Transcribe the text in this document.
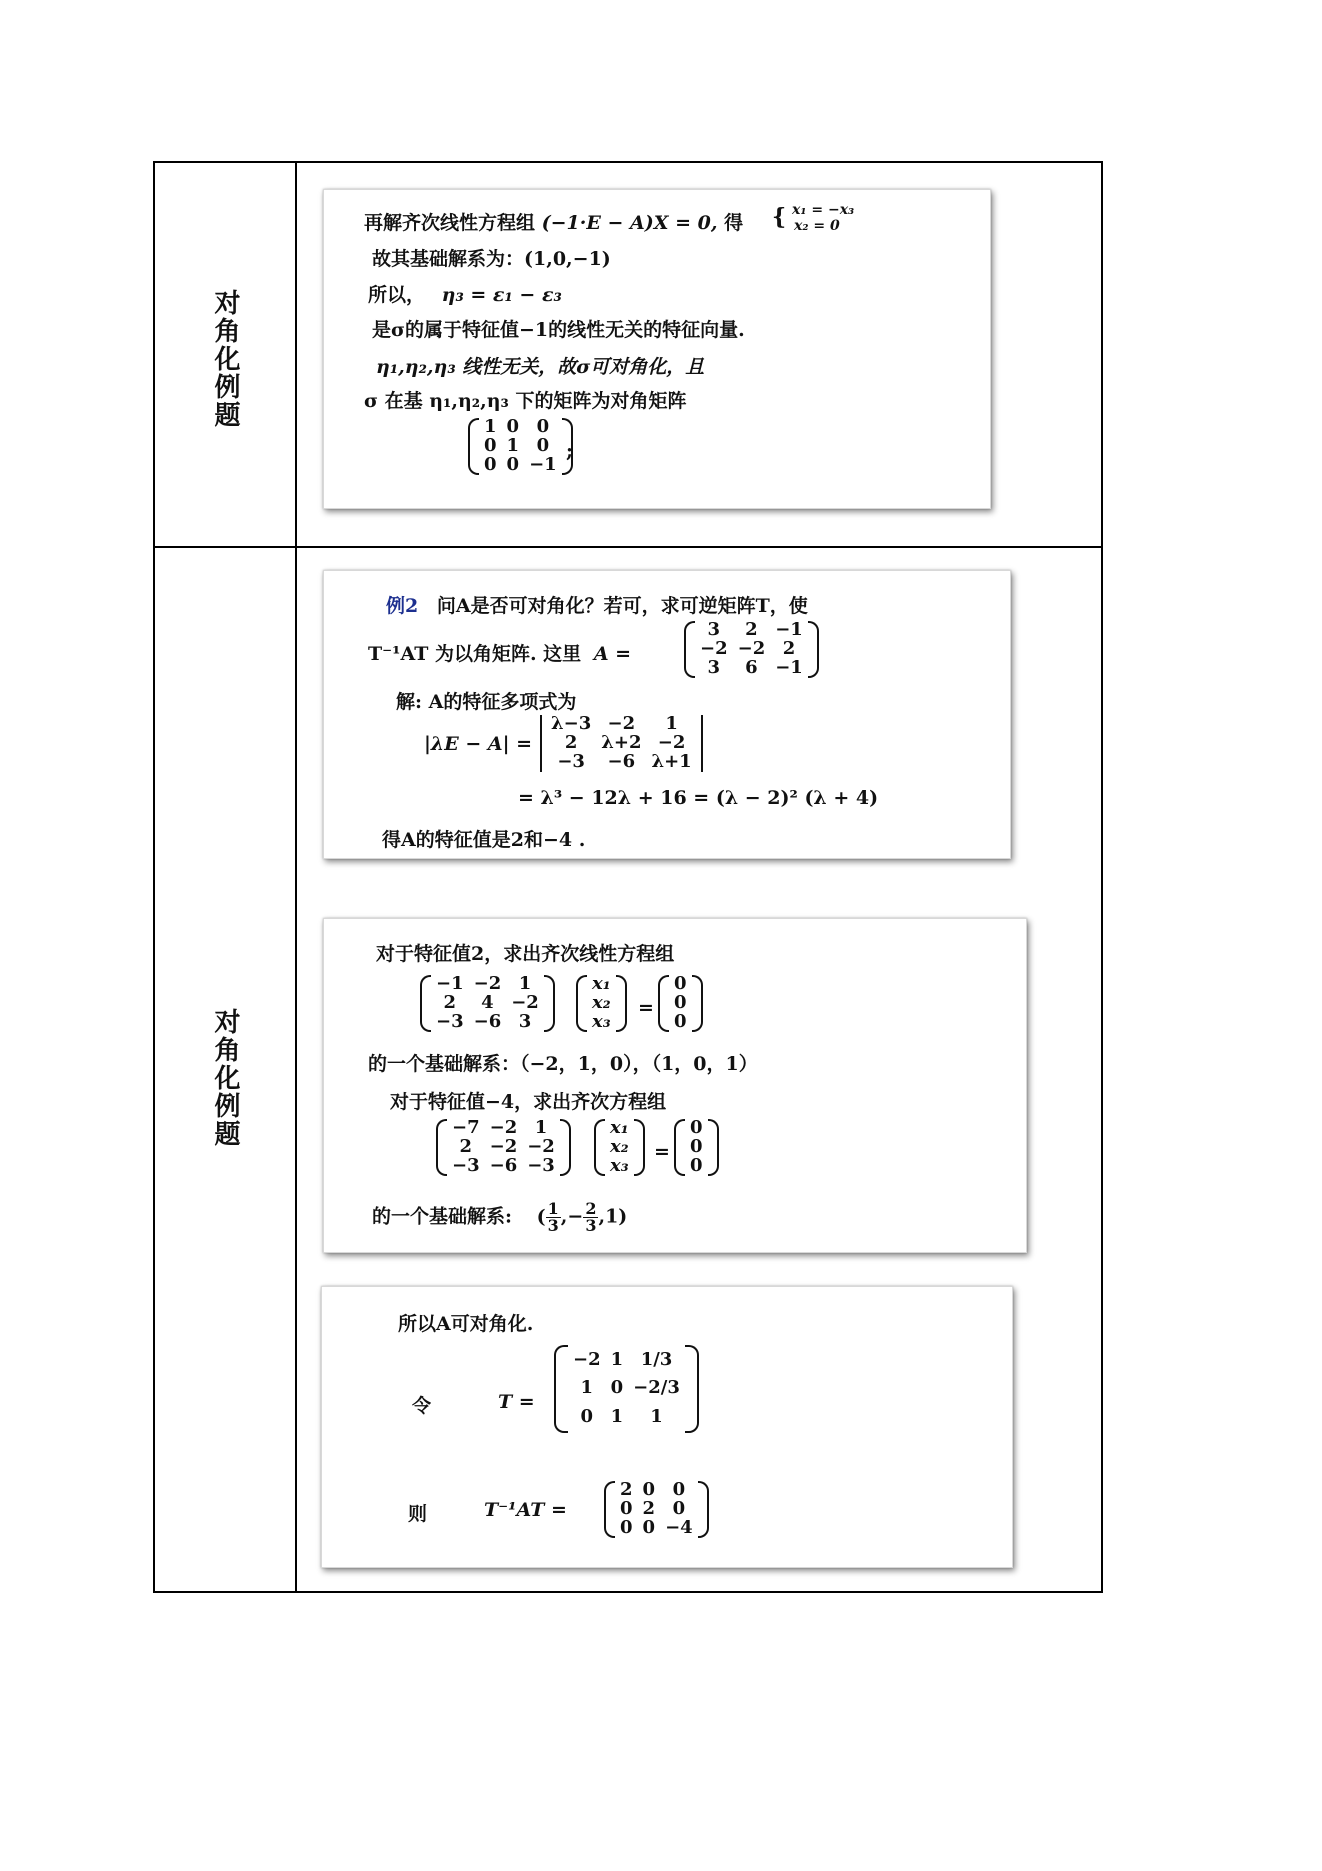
对角化例题
再解齐次线性方程组 (−1·E − A)X = 0, 得 { x₁ = −x₃
x₂ = 0
故其基础解系为：(1,0,−1)
所以， η₃ = ε₁ − ε₃
是σ的属于特征值−1的线性无关的特征向量.
η₁,η₂,η₃ 线性无关，故σ可对角化，且
σ 在基 η₁,η₂,η₃ 下的矩阵为对角矩阵
1	0	0
0	1	0
0	0	−1
;
对角化例题
例2 问A是否可对角化？若可，求可逆矩阵T，使
T⁻¹AT 为以角矩阵. 这里 A =
3	2	−1
−2	−2	2
3	6	−1
解: A的特征多项式为
|λE − A| =
λ−3	−2	1
2	λ+2	−2
−3	−6	λ+1
= λ³ − 12λ + 16 = (λ − 2)² (λ + 4)
得A的特征值是2和−4 .
对于特征值2，求出齐次线性方程组
−1	−2	1
2	4	−2
−3	−6	3
x₁
x₂
x₃
=
0
0
0
的一个基础解系：（−2，1，0），（1，0，1）
对于特征值−4，求出齐次方程组
−7	−2	1
2	−2	−2
−3	−6	−3
x₁
x₂
x₃
=
0
0
0
的一个基础解系: ( $\frac{1}{3}$ ,− $\frac{2}{3} ,1$)
所以A可对角化.
令	T =
−2	1	1/3
1	0	−2/3
0	1	1
则	T⁻¹AT =
2	0	0
0	2	0
0	0	−4
